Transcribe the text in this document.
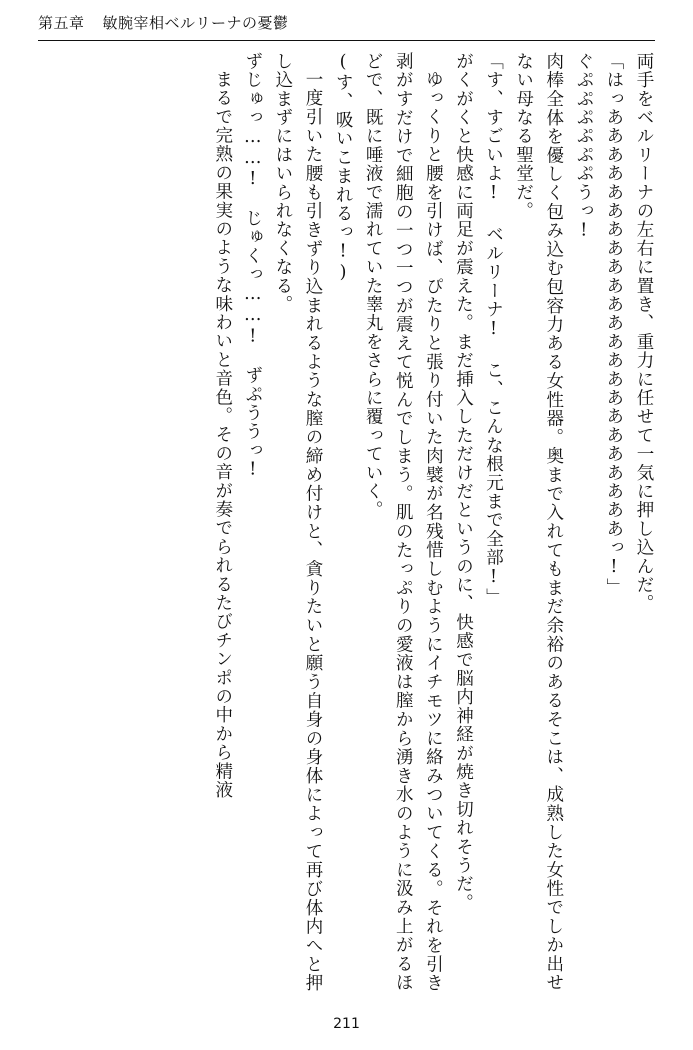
第五章 敏腕宰相ベルリーナの憂鬱

両手をベルリーナの左右に置き、重力に任せて一気に押し込んだ。

「はっあああああああああああああああああああああああっ!」

ぐぷぷぷぷぷぷうっ!

肉棒全体を優しく包み込む包容力ある女性器。奥まで入れてもまだ余裕のあるそこは、成熟した女性でしか出せない母なる聖堂だ。

「す、すごいよ! ベルリーナ! こ、こんな根元まで全部!」

がくがくと快感に両足が震えた。まだ挿入しただけだというのに、快感で脳内神経が焼き切れそうだ。

ゆっくりと腰を引けば、ぴたりと張り付いた肉襞が名残惜しむようにイチモツに絡みついてくる。それを引き剥がすだけで細胞の一つ一つが震えて悦んでしまう。肌のたっぷりの愛液は膣から湧き水のように汲み上がるほどで、既に唾液で濡れていた睾丸をさらに覆っていく。

(す、吸いこまれるっ!)

一度引いた腰も引きずり込まれるような膣の締め付けと、貪りたいと願う自身の身体によって再び体内へと押し込まずにはいられなくなる。

ずじゅっ……!　じゅくっ……!　ずぷううっ!

まるで完熟の果実のような味わいと音色。その音が奏でられるたびチンポの中から精液

211
